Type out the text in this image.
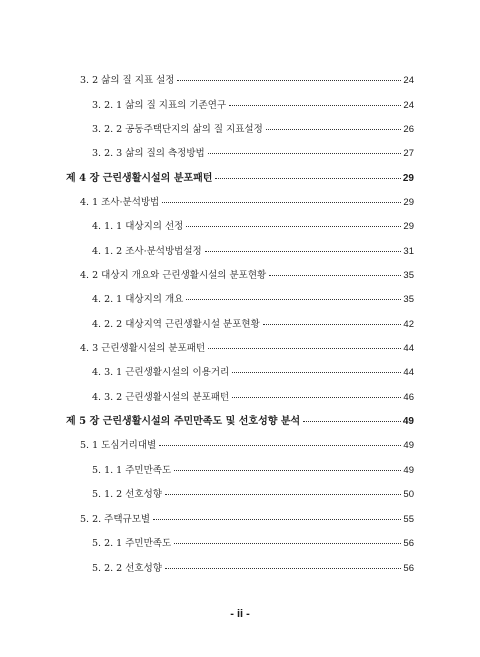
3. 2 삶의 질 지표 설정	24
3. 2. 1 삶의 질 지표의 기존연구	24
3. 2. 2 공동주택단지의 삶의 질 지표설정	26
3. 2. 3 삶의 질의 측정방법	27
제 4 장 근린생활시설의 분포패턴	29
4. 1 조사·분석방법	29
4. 1. 1 대상지의 선정	29
4. 1. 2 조사·분석방법설정	31
4. 2 대상지 개요와 근린생활시설의 분포현황	35
4. 2. 1 대상지의 개요	35
4. 2. 2 대상지역 근린생활시설 분포현황	42
4. 3 근린생활시설의 분포패턴	44
4. 3. 1 근린생활시설의 이용거리	44
4. 3. 2 근린생활시설의 분포패턴	46
제 5 장 근린생활시설의 주민만족도 및 선호성향 분석	49
5. 1 도심거리대별	49
5. 1. 1 주민만족도	49
5. 1. 2 선호성향	50
5. 2. 주택규모별	55
5. 2. 1 주민만족도	56
5. 2. 2 선호성향	56
- ii -
